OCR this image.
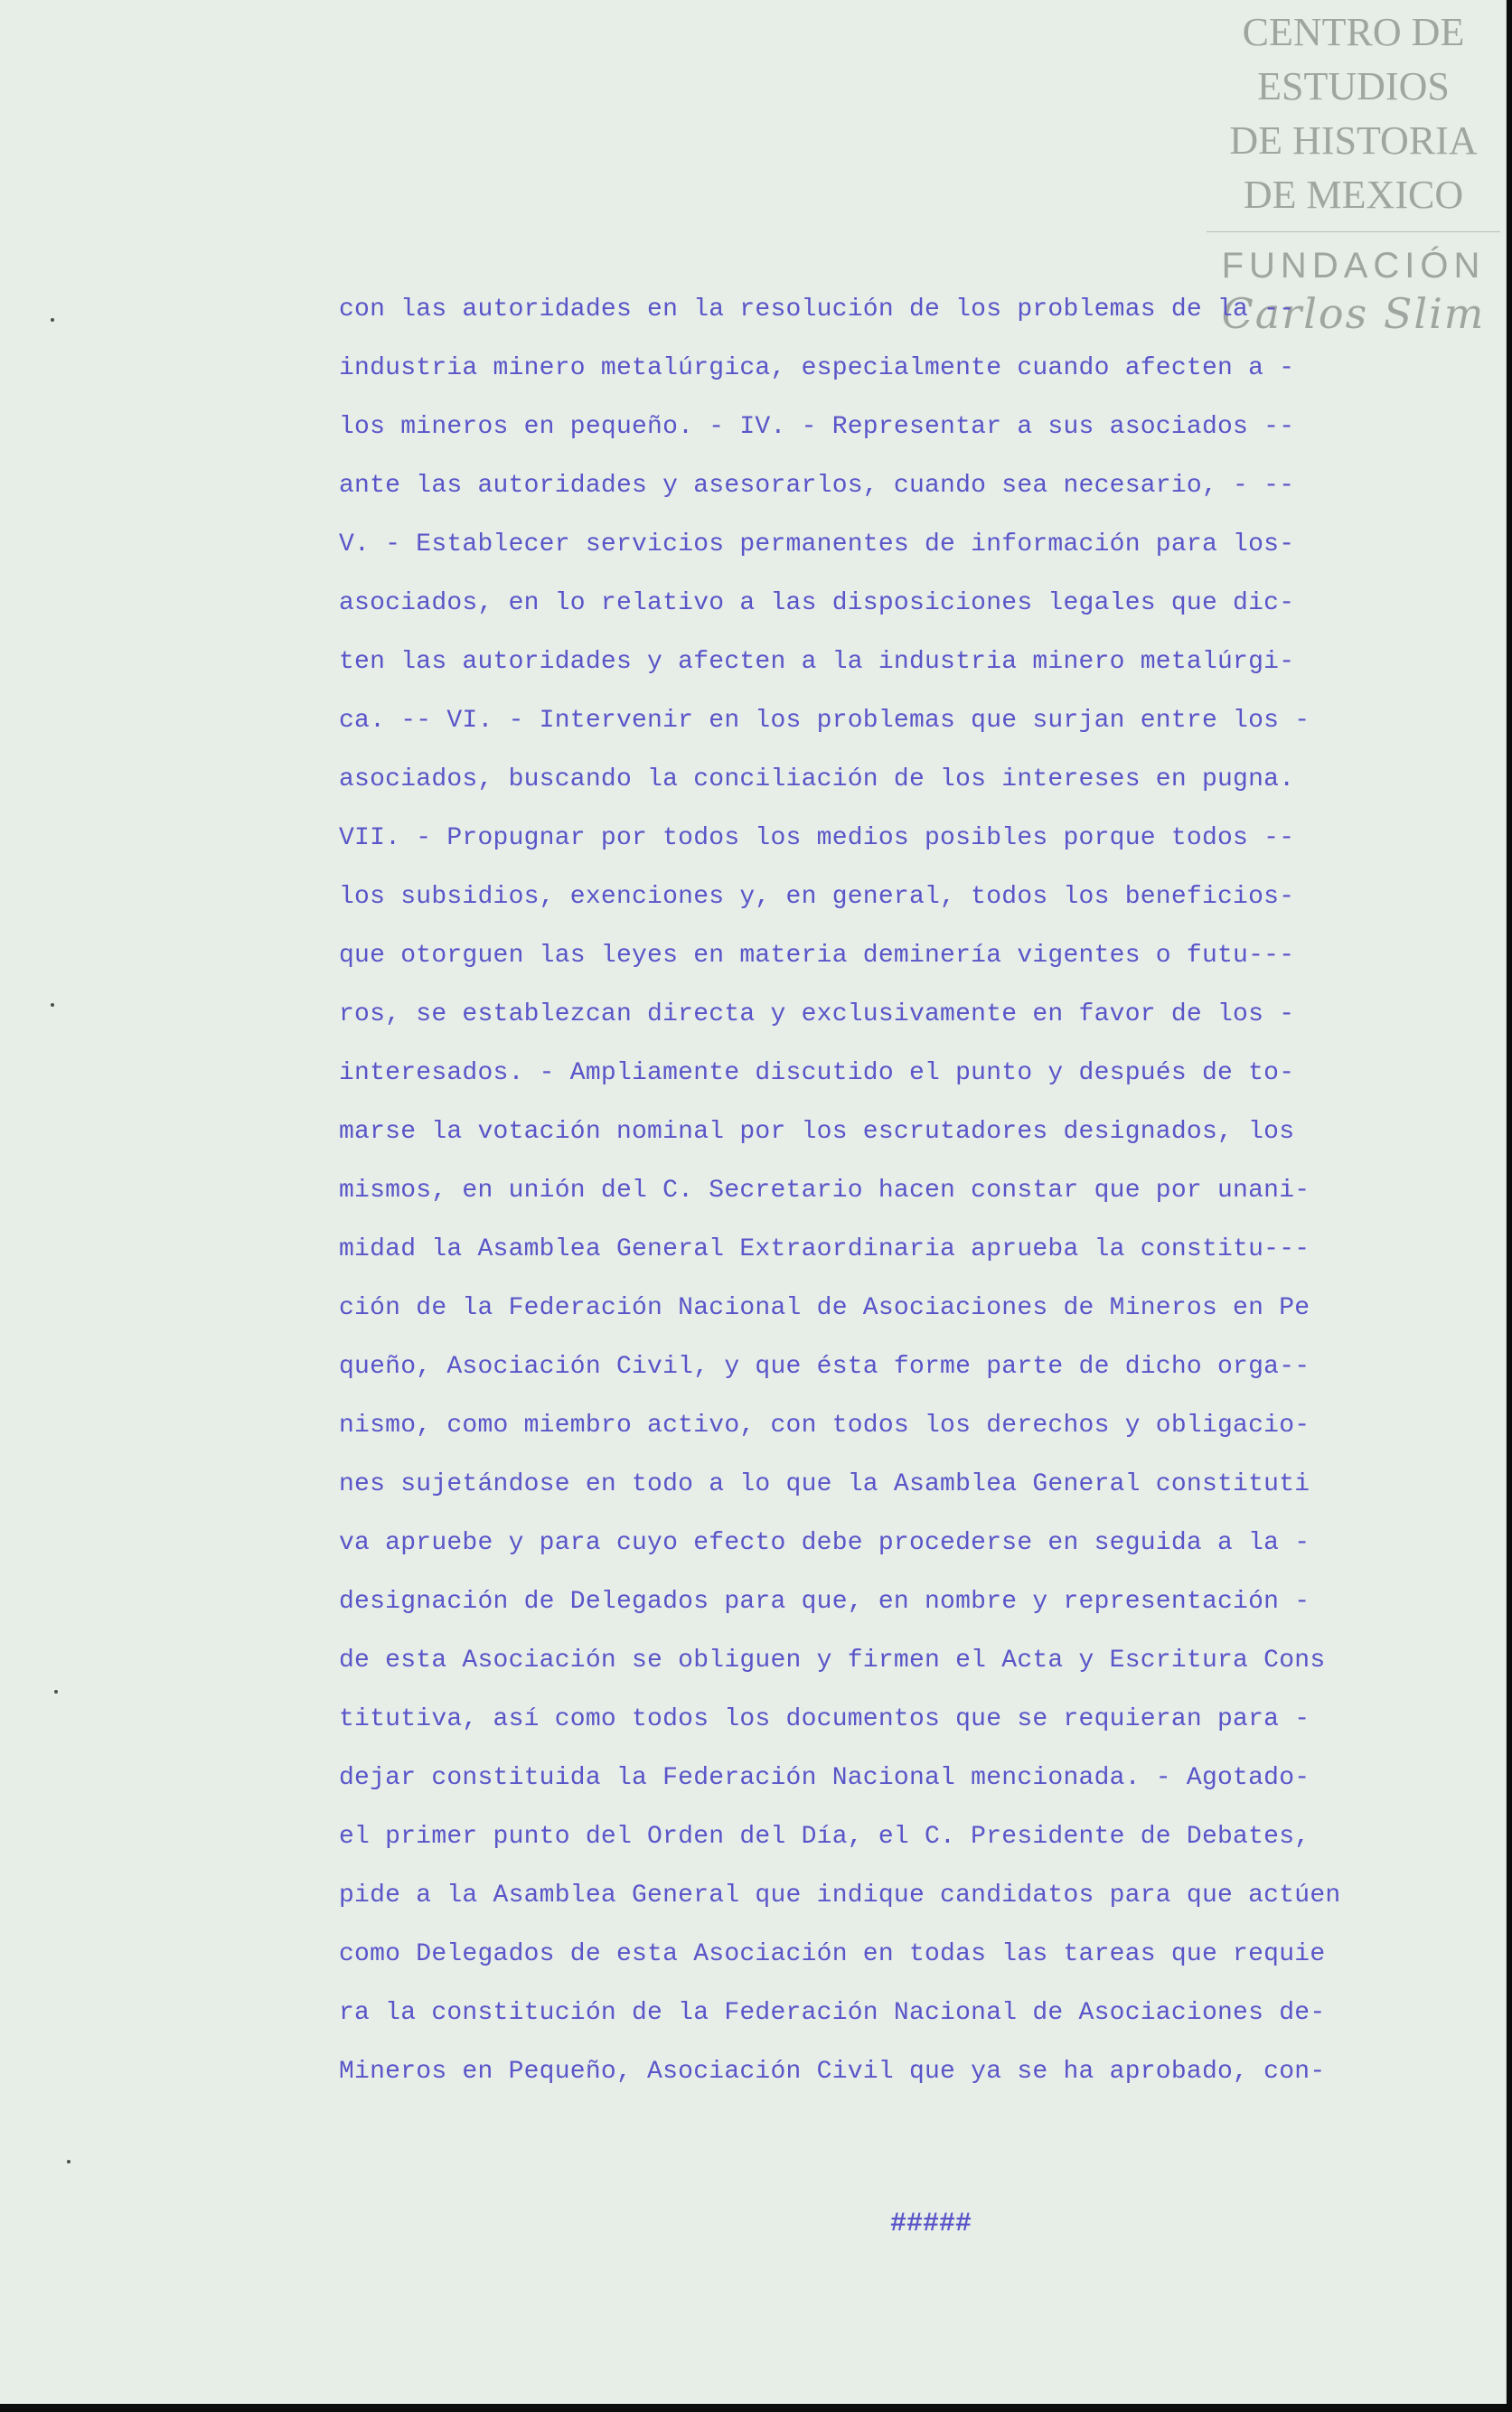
CENTRO DE
ESTUDIOS
DE HISTORIA
DE MEXICO
FUNDACIÓN
Carlos Slim
con las autoridades en la resolución de los problemas de la --
industria minero metalúrgica, especialmente cuando afecten a -
los mineros en pequeño. - IV. - Representar a sus asociados --
ante las autoridades y asesorarlos, cuando sea necesario, - --
V. - Establecer servicios permanentes de información para los-
asociados, en lo relativo a las disposiciones legales que dic-
ten las autoridades y afecten a la industria minero metalúrgi-
ca. -- VI. - Intervenir en los problemas que surjan entre los -
asociados, buscando la conciliación de los intereses en pugna.
VII. - Propugnar por todos los medios posibles porque todos --
los subsidios, exenciones y, en general, todos los beneficios-
que otorguen las leyes en materia deminería vigentes o futu---
ros, se establezcan directa y exclusivamente en favor de los -
interesados. - Ampliamente discutido el punto y después de to-
marse la votación nominal por los escrutadores designados, los
mismos, en unión del C. Secretario hacen constar que por unani-
midad la Asamblea General Extraordinaria aprueba la constitu---
ción de la Federación Nacional de Asociaciones de Mineros en Pe
queño, Asociación Civil, y que ésta forme parte de dicho orga--
nismo, como miembro activo, con todos los derechos y obligacio-
nes sujetándose en todo a lo que la Asamblea General constituti
va apruebe y para cuyo efecto debe procederse en seguida a la -
designación de Delegados para que, en nombre y representación -
de esta Asociación se obliguen y firmen el Acta y Escritura Cons
titutiva, así como todos los documentos que se requieran para -
dejar constituida la Federación Nacional mencionada. - Agotado-
el primer punto del Orden del Día, el C. Presidente de Debates,
pide a la Asamblea General que indique candidatos para que actúen
como Delegados de esta Asociación en todas las tareas que requie
ra la constitución de la Federación Nacional de Asociaciones de-
Mineros en Pequeño, Asociación Civil que ya se ha aprobado, con-
#####
